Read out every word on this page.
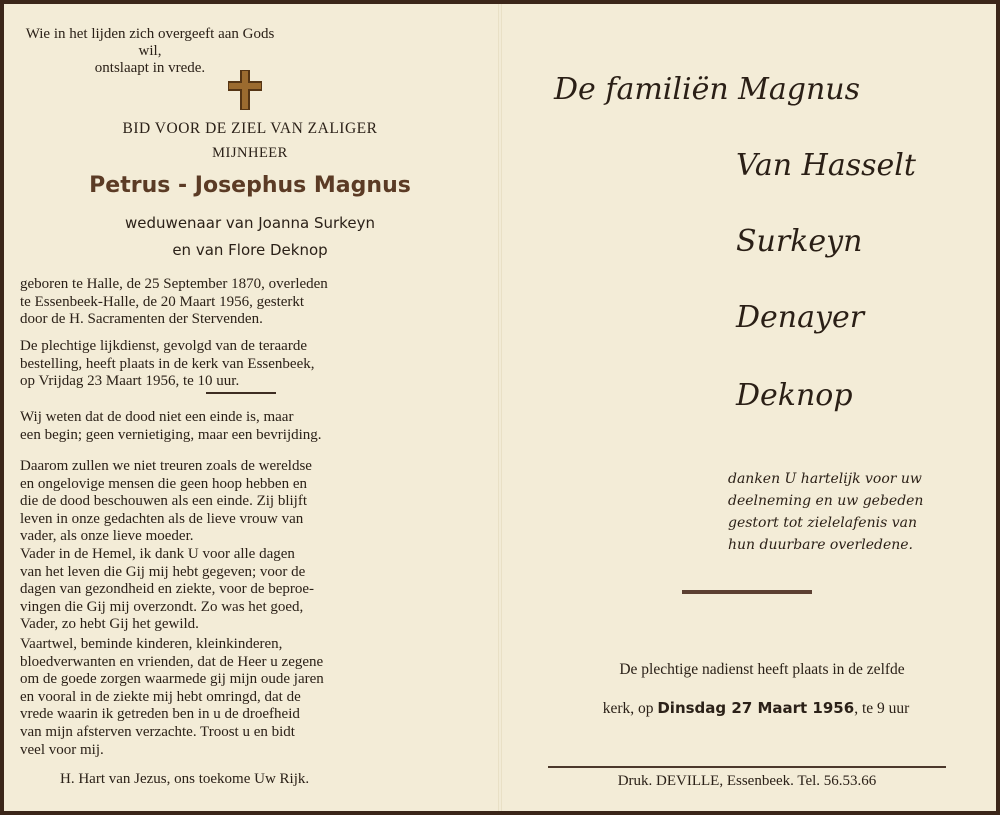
Wie in het lijden zich overgeeft aan Gods wil,
ontslaapt in vrede.

BID VOOR DE ZIEL VAN ZALIGER

MIJNHEER

Petrus - Josephus Magnus

weduwenaar van Joanna Surkeyn

en van Flore Deknop

geboren te Halle, de 25 September 1870, overleden
te Essenbeek-Halle, de 20 Maart 1956, gesterkt
door de H. Sacramenten der Stervenden.

De plechtige lijkdienst, gevolgd van de teraarde
bestelling, heeft plaats in de kerk van Essenbeek,
op Vrijdag 23 Maart 1956, te 10 uur.

Wij weten dat de dood niet een einde is, maar
een begin; geen vernietiging, maar een bevrijding.

Daarom zullen we niet treuren zoals de wereldse
en ongelovige mensen die geen hoop hebben en
die de dood beschouwen als een einde. Zij blijft
leven in onze gedachten als de lieve vrouw van
vader, als onze lieve moeder.

Vader in de Hemel, ik dank U voor alle dagen
van het leven die Gij mij hebt gegeven; voor de
dagen van gezondheid en ziekte, voor de beproe-
vingen die Gij mij overzondt. Zo was het goed,
Vader, zo hebt Gij het gewild.

Vaartwel, beminde kinderen, kleinkinderen,
bloedverwanten en vrienden, dat de Heer u zegene
om de goede zorgen waarmede gij mijn oude jaren
en vooral in de ziekte mij hebt omringd, dat de
vrede waarin ik getreden ben in u de droefheid
van mijn afsterven verzachte. Troost u en bidt
veel voor mij.

H. Hart van Jezus, ons toekome Uw Rijk.

De familiën Magnus

Van Hasselt

Surkeyn

Denayer

Deknop

danken U hartelijk voor uw
deelneming en uw gebeden
gestort tot zielelafenis van
hun duurbare overledene.

De plechtige nadienst heeft plaats in de zelfde

kerk, op Dinsdag 27 Maart 1956, te 9 uur

Druk. DEVILLE, Essenbeek. Tel. 56.53.66
